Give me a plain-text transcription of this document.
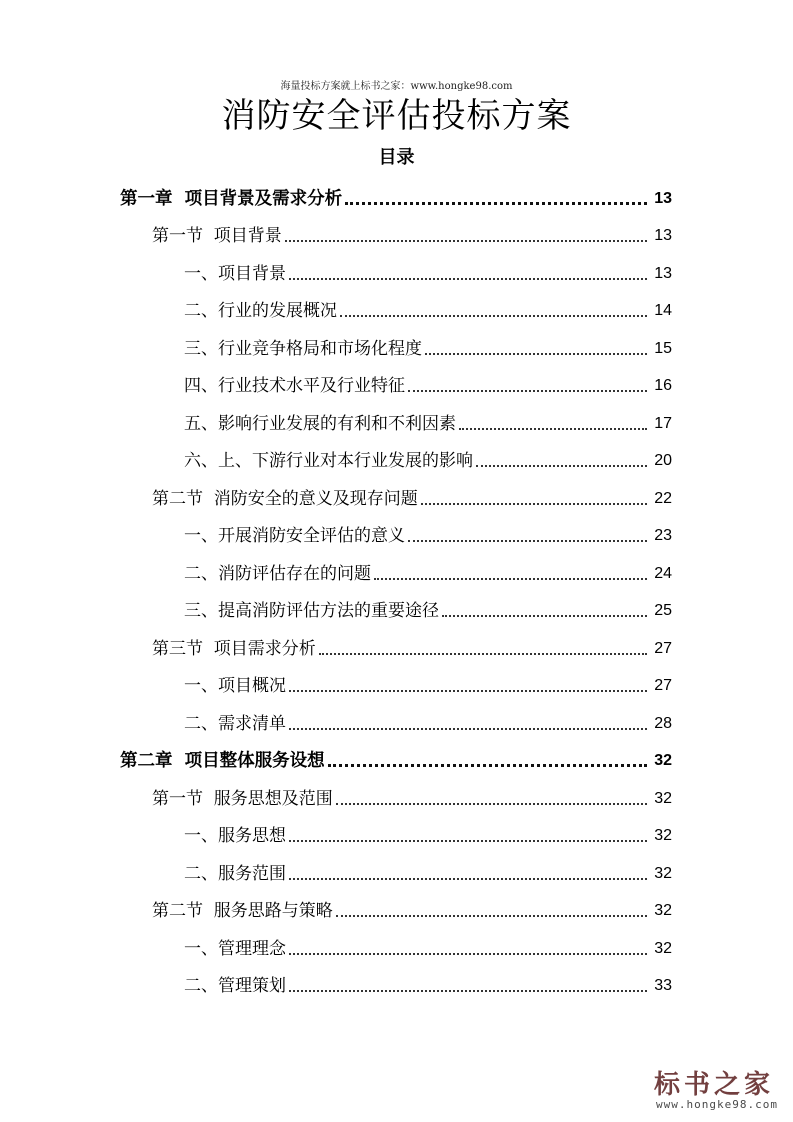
海量投标方案就上标书之家：www.hongke98.com
消防安全评估投标方案
目录
第一章  项目背景及需求分析	13
第一节  项目背景	13
一、项目背景	13
二、行业的发展概况	14
三、行业竞争格局和市场化程度	15
四、行业技术水平及行业特征	16
五、影响行业发展的有利和不利因素	17
六、上、下游行业对本行业发展的影响	20
第二节  消防安全的意义及现存问题	22
一、开展消防安全评估的意义	23
二、消防评估存在的问题	24
三、提高消防评估方法的重要途径	25
第三节  项目需求分析	27
一、项目概况	27
二、需求清单	28
第二章  项目整体服务设想	32
第一节  服务思想及范围	32
一、服务思想	32
二、服务范围	32
第二节  服务思路与策略	32
一、管理理念	32
二、管理策划	33
标书之家
www.hongke98.com
